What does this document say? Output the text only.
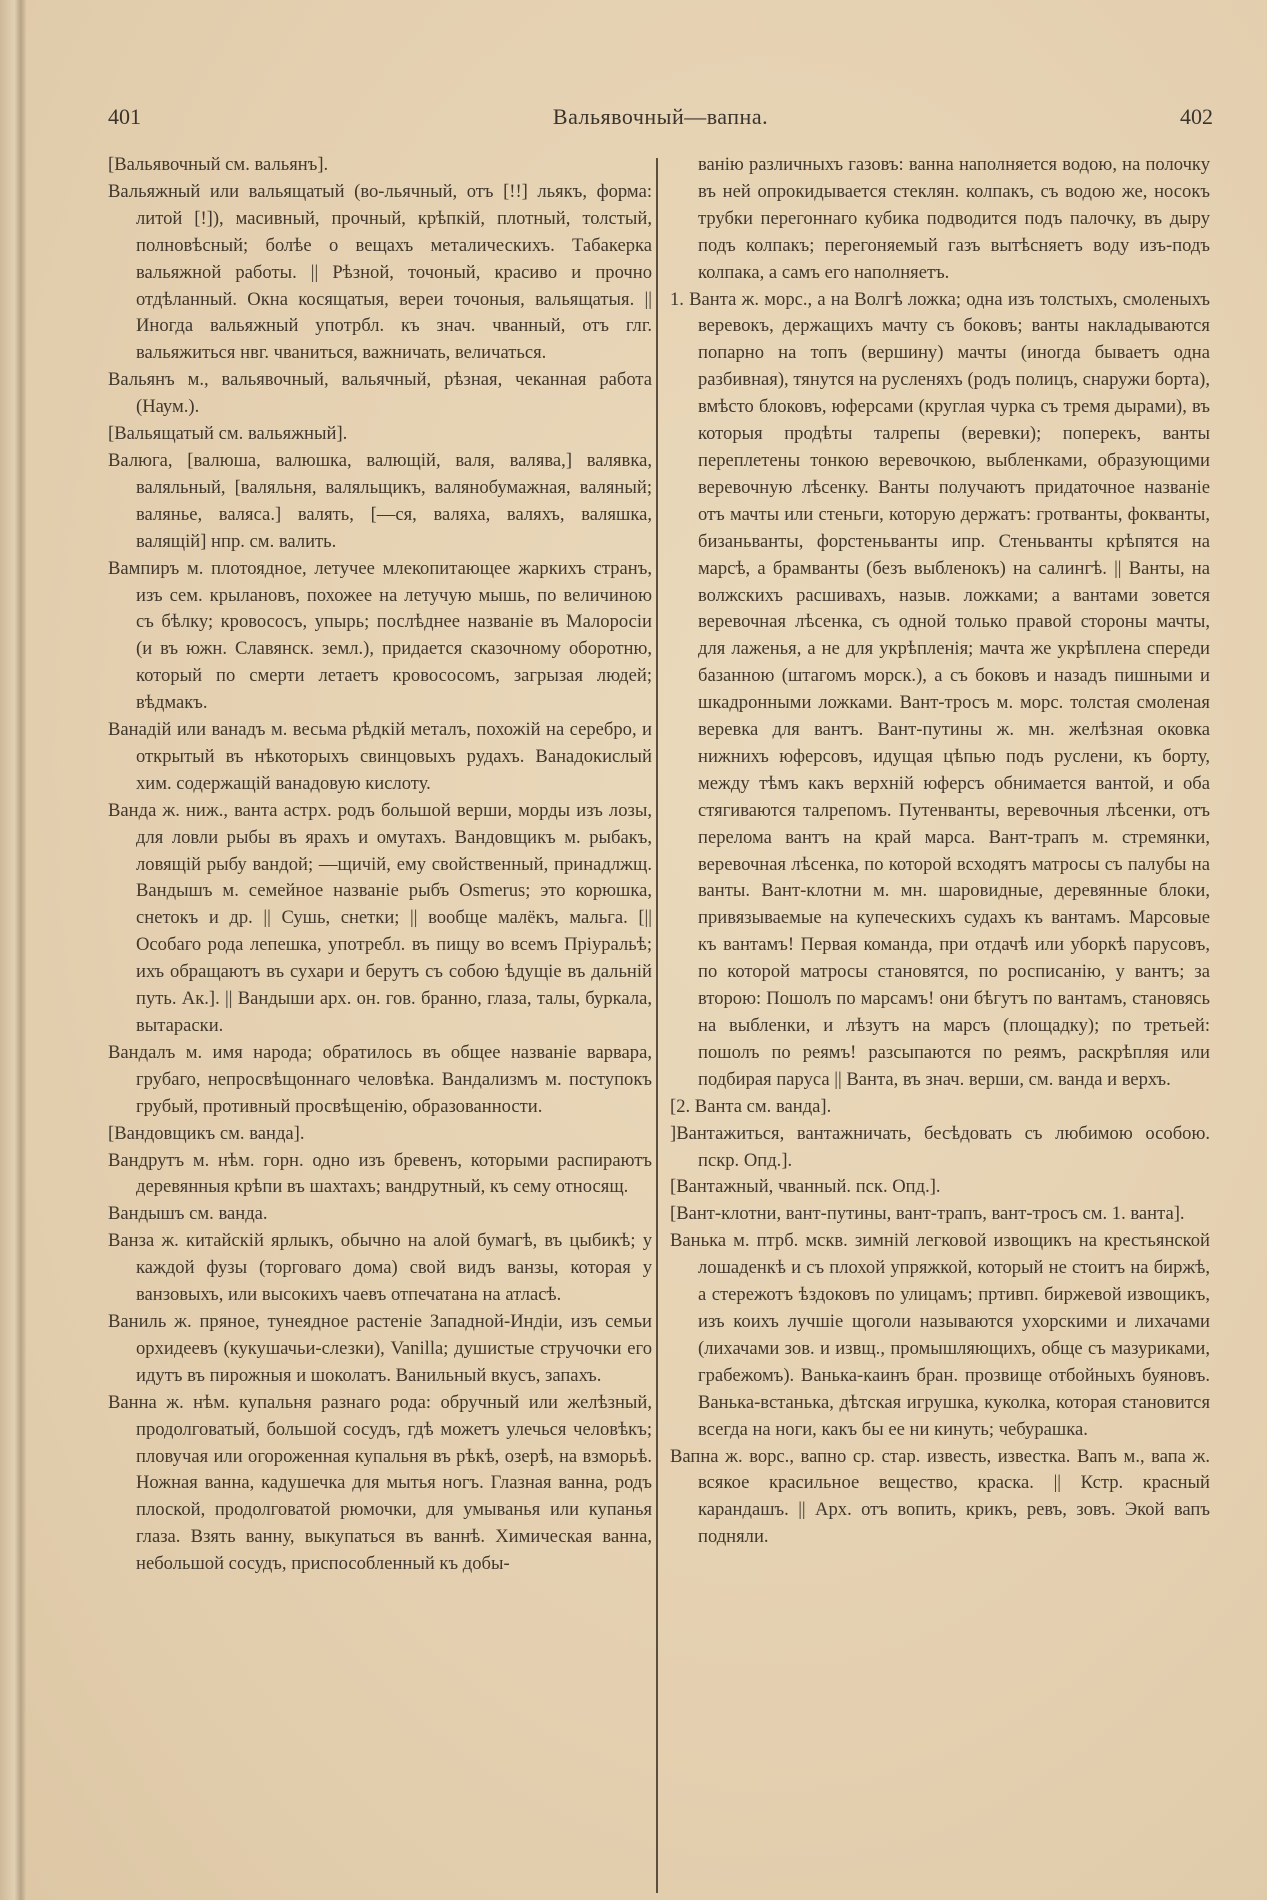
401	Вальявочный—вапна.	402

[Вальявочный см. вальянъ].

Вальяжный или вальящатый (во-льячный, отъ [!!] льякъ, форма: литой [!]), масивный, прочный, крѣпкій, плотный, толстый, полновѣсный; болѣе о вещахъ металическихъ. Табакерка вальяжной работы. || Рѣзной, точоный, красиво и прочно отдѣланный. Окна косящатыя, вереи точоныя, вальящатыя. || Иногда вальяжный употрбл. къ знач. чванный, отъ глг. вальяжиться нвг. чваниться, важничать, величаться.

Вальянъ м., вальявочный, вальячный, рѣзная, чеканная работа (Наум.).

[Вальящатый см. вальяжный].

Валюга, [валюша, валюшка, валющій, валя, валява,] валявка, валяльный, [валяльня, валяльщикъ, валянобумажная, валяный; валянье, валяса.] валять, [—ся, валяха, валяхъ, валяшка, валящій] нпр. см. валить.

Вампиръ м. плотоядное, летучее млекопитающее жаркихъ странъ, изъ сем. крылановъ, похожее на летучую мышь, по величиною съ бѣлку; кровососъ, упырь; послѣднее названіе въ Малоросіи (и въ южн. Славянск. земл.), придается сказочному оборотню, который по смерти летаетъ кровососомъ, загрызая людей; вѣдмакъ.

Ванадій или ванадъ м. весьма рѣдкій металъ, похожій на серебро, и открытый въ нѣкоторыхъ свинцовыхъ рудахъ. Ванадокислый хим. содержащій ванадовую кислоту.

Ванда ж. ниж., ванта астрх. родъ большой верши, морды изъ лозы, для ловли рыбы въ ярахъ и омутахъ. Вандовщикъ м. рыбакъ, ловящій рыбу вандой; —щичій, ему свойственный, принадлжщ. Вандышъ м. семейное названіе рыбъ Osmerus; это корюшка, снетокъ и др. || Сушь, снетки; || вообще малёкъ, мальга. [|| Особаго рода лепешка, употребл. въ пищу во всемъ Пріуральѣ; ихъ обращаютъ въ сухари и берутъ съ собою ѣдущіе въ дальній путь. Ак.]. || Вандыши арх. он. гов. бранно, глаза, талы, буркала, вытараски.

Вандалъ м. имя народа; обратилось въ общее названіе варвара, грубаго, непросвѣщоннаго человѣка. Вандализмъ м. поступокъ грубый, противный просвѣщенію, образованности.

[Вандовщикъ см. ванда].

Вандрутъ м. нѣм. горн. одно изъ бревенъ, которыми распираютъ деревянныя крѣпи въ шахтахъ; вандрутный, къ сему относящ.

Вандышъ см. ванда.

Ванза ж. китайскій ярлыкъ, обычно на алой бумагѣ, въ цыбикѣ; у каждой фузы (торговаго дома) свой видъ ванзы, которая у ванзовыхъ, или высокихъ чаевъ отпечатана на атласѣ.

Ваниль ж. пряное, тунеядное растеніе Западной-Индіи, изъ семьи орхидеевъ (кукушачьи-слезки), Vanilla; душистые стручочки его идутъ въ пирожныя и шоколатъ. Ванильный вкусъ, запахъ.

Ванна ж. нѣм. купальня разнаго рода: обручный или желѣзный, продолговатый, большой сосудъ, гдѣ можетъ улечься человѣкъ; пловучая или огороженная купальня въ рѣкѣ, озерѣ, на взморьѣ. Ножная ванна, кадушечка для мытья ногъ. Глазная ванна, родъ плоской, продолговатой рюмочки, для умыванья или купанья глаза. Взять ванну, выкупаться въ ваннѣ. Химическая ванна, небольшой сосудъ, приспособленный къ добы-

ванію различныхъ газовъ: ванна наполняется водою, на полочку въ ней опрокидывается стеклян. колпакъ, съ водою же, носокъ трубки перегоннаго кубика подводится подъ палочку, въ дыру подъ колпакъ; перегоняемый газъ вытѣсняетъ воду изъ-подъ колпака, а самъ его наполняетъ.

1. Ванта ж. морс., а на Волгѣ ложка; одна изъ толстыхъ, смоленыхъ веревокъ, держащихъ мачту съ боковъ; ванты накладываются попарно на топъ (вершину) мачты (иногда бываетъ одна разбивная), тянутся на русленяхъ (родъ полицъ, снаружи борта), вмѣсто блоковъ, юферсами (круглая чурка съ тремя дырами), въ которыя продѣты талрепы (веревки); поперекъ, ванты переплетены тонкою веревочкою, выбленками, образующими веревочную лѣсенку. Ванты получаютъ придаточное названіе отъ мачты или стеньги, которую держатъ: гротванты, фокванты, бизаньванты, форстеньванты ипр. Стеньванты крѣпятся на марсѣ, а брамванты (безъ выбленокъ) на салингѣ. || Ванты, на волжскихъ расшивахъ, назыв. ложками; а вантами зовется веревочная лѣсенка, съ одной только правой стороны мачты, для лаженья, а не для укрѣпленія; мачта же укрѣплена спереди базанною (штагомъ морск.), а съ боковъ и назадъ пишными и шкадронными ложками. Вант-тросъ м. морс. толстая смоленая веревка для вантъ. Вант-путины ж. мн. желѣзная оковка нижнихъ юферсовъ, идущая цѣпью подъ руслени, къ борту, между тѣмъ какъ верхній юферсъ обнимается вантой, и оба стягиваются талрепомъ. Путенванты, веревочныя лѣсенки, отъ перелома вантъ на край марса. Вант-трапъ м. стремянки, веревочная лѣсенка, по которой всходятъ матросы съ палубы на ванты. Вант-клотни м. мн. шаровидные, деревянные блоки, привязываемые на купеческихъ судахъ къ вантамъ. Марсовые къ вантамъ! Первая команда, при отдачѣ или уборкѣ парусовъ, по которой матросы становятся, по росписанію, у вантъ; за второю: Пошолъ по марсамъ! они бѣгутъ по вантамъ, становясь на выбленки, и лѣзутъ на марсъ (площадку); по третьей: пошолъ по реямъ! разсыпаются по реямъ, раскрѣпляя или подбирая паруса || Ванта, въ знач. верши, см. ванда и верхъ.

[2. Ванта см. ванда].

]Вантажиться, вантажничать, бесѣдовать съ любимою особою. пскр. Опд.].

[Вантажный, чванный. пск. Опд.].

[Вант-клотни, вант-путины, вант-трапъ, вант-тросъ см. 1. ванта].

Ванька м. птрб. мскв. зимній легковой извощикъ на крестьянской лошаденкѣ и съ плохой упряжкой, который не стоитъ на биржѣ, а стережотъ ѣздоковъ по улицамъ; пртивп. биржевой извощикъ, изъ коихъ лучшіе щоголи называются ухорскими и лихачами (лихачами зов. и извщ., промышляющихъ, обще съ мазуриками, грабежомъ). Ванька-каинъ бран. прозвище отбойныхъ буяновъ. Ванька-встанька, дѣтская игрушка, куколка, которая становится всегда на ноги, какъ бы ее ни кинуть; чебурашка.

Вапна ж. ворс., вапно ср. стар. известь, известка. Вапъ м., вапа ж. всякое красильное вещество, краска. || Кстр. красный карандашъ. || Арх. отъ вопить, крикъ, ревъ, зовъ. Экой вапъ подняли.
